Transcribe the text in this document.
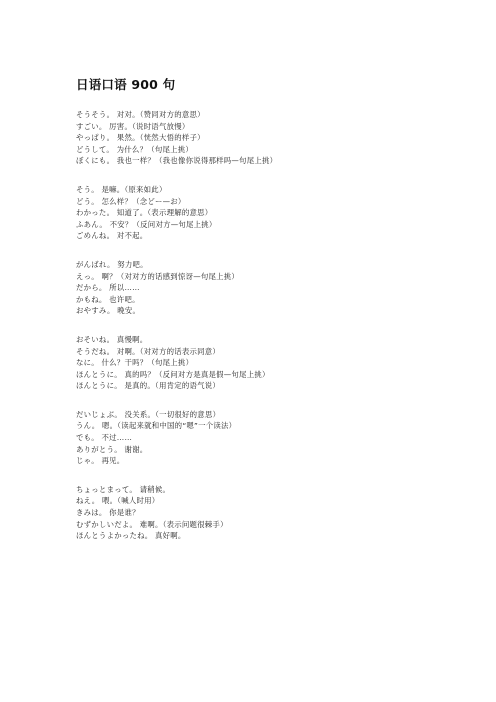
日语口语 900 句
そうそう。 对对。（赞同对方的意思）
すごい。 厉害。（说时语气放慢）
やっぱり。 果然。（恍然大悟的样子）
どうして。 为什么？（句尾上挑）
ぼくにも。 我也一样？（我也像你说得那样吗—句尾上挑）
そう。 是嘛。（原来如此）
どう。 怎么样？（念どー—お）
わかった。 知道了。（表示理解的意思）
ふあん。 不安？（反问对方—句尾上挑）
ごめんね。 对不起。
がんばれ。 努力吧。
えっ。 啊？（对对方的话感到惊讶—句尾上挑）
だから。 所以……
かもね。 也许吧。
おやすみ。 晚安。
おそいね。 真慢啊。
そうだね。 对啊。（对对方的话表示同意）
なに。 什么？干吗？（句尾上挑）
ほんとうに。 真的吗？（反问对方是真是假—句尾上挑）
ほんとうに。 是真的。（用肯定的语气说）
だいじょぶ。 没关系。（一切很好的意思）
うん。 嗯。（读起来就和中国的“嗯”一个读法）
でも。 不过……
ありがとう。 谢谢。
じゃ。 再见。
ちょっとまって。 请稍候。
ねえ。 喂。（喊人时用）
きみは。 你是谁？
むずかしいだよ。 难啊。（表示问题很棘手）
ほんとうよかったね。 真好啊。
